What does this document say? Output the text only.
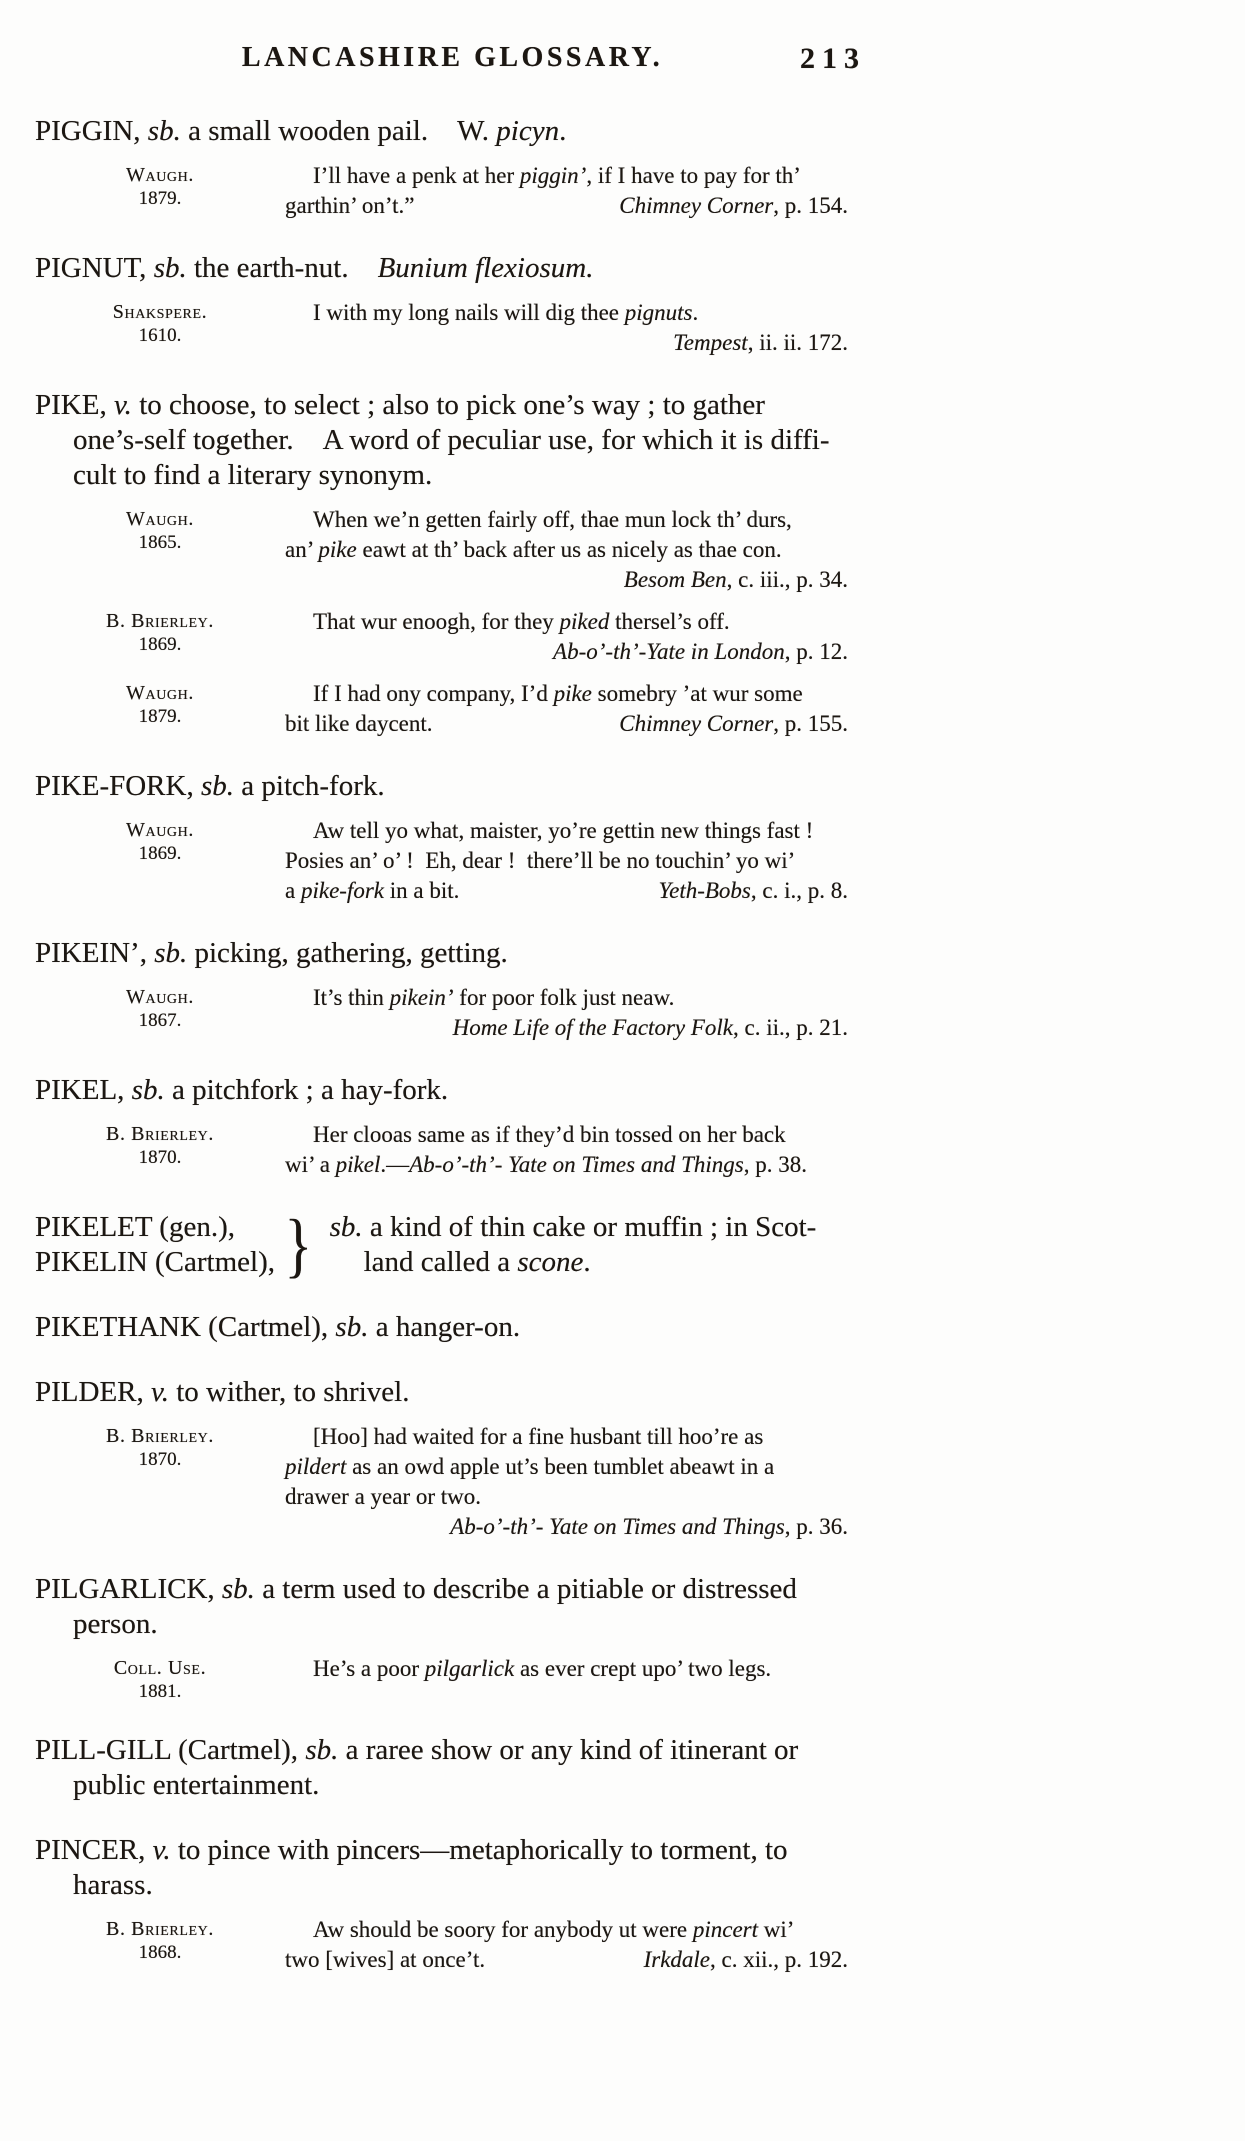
LANCASHIRE GLOSSARY.	213
PIGGIN, sb. a small wooden pail.  W. picyn.
Waugh.
1879.
I’ll have a penk at her piggin’, if I have to pay for th’
garthin’ on’t.”	Chimney Corner, p. 154.
PIGNUT, sb. the earth-nut.  Bunium flexiosum.
Shakspere.
1610.
I with my long nails will dig thee pignuts.
Tempest, ii. ii. 172.
PIKE, v. to choose, to select ; also to pick one’s way ; to gather
one’s-self together.  A word of peculiar use, for which it is diffi-
cult to find a literary synonym.
Waugh.
1865.
When we’n getten fairly off, thae mun lock th’ durs,
an’ pike eawt at th’ back after us as nicely as thae con.
Besom Ben, c. iii., p. 34.
B. Brierley.
1869.
That wur enoogh, for they piked thersel’s off.
Ab-o’-th’-Yate in London, p. 12.
Waugh.
1879.
If I had ony company, I’d pike somebry ’at wur some
bit like daycent.	Chimney Corner, p. 155.
PIKE-FORK, sb. a pitch-fork.
Waugh.
1869.
Aw tell yo what, maister, yo’re gettin new things fast !
Posies an’ o’ ! Eh, dear ! there’ll be no touchin’ yo wi’
a pike-fork in a bit.	Yeth-Bobs, c. i., p. 8.
PIKEIN’, sb. picking, gathering, getting.
Waugh.
1867.
It’s thin pikein’ for poor folk just neaw.
Home Life of the Factory Folk, c. ii., p. 21.
PIKEL, sb. a pitchfork ; a hay-fork.
B. Brierley.
1870.
Her clooas same as if they’d bin tossed on her back
wi’ a pikel.—Ab-o’-th’- Yate on Times and Things, p. 38.
PIKELET (gen.),
PIKELIN (Cartmel), } sb. a kind of thin cake or muffin ; in Scot-
land called a scone.
PIKETHANK (Cartmel), sb. a hanger-on.
PILDER, v. to wither, to shrivel.
B. Brierley.
1870.
[Hoo] had waited for a fine husbant till hoo’re as
pildert as an owd apple ut’s been tumblet abeawt in a
drawer a year or two.
Ab-o’-th’- Yate on Times and Things, p. 36.
PILGARLICK, sb. a term used to describe a pitiable or distressed
person.
Coll. Use.
1881.
He’s a poor pilgarlick as ever crept upo’ two legs.
PILL-GILL (Cartmel), sb. a raree show or any kind of itinerant or
public entertainment.
PINCER, v. to pince with pincers—metaphorically to torment, to
harass.
B. Brierley.
1868.
Aw should be soory for anybody ut were pincert wi’
two [wives] at once’t.	Irkdale, c. xii., p. 192.
